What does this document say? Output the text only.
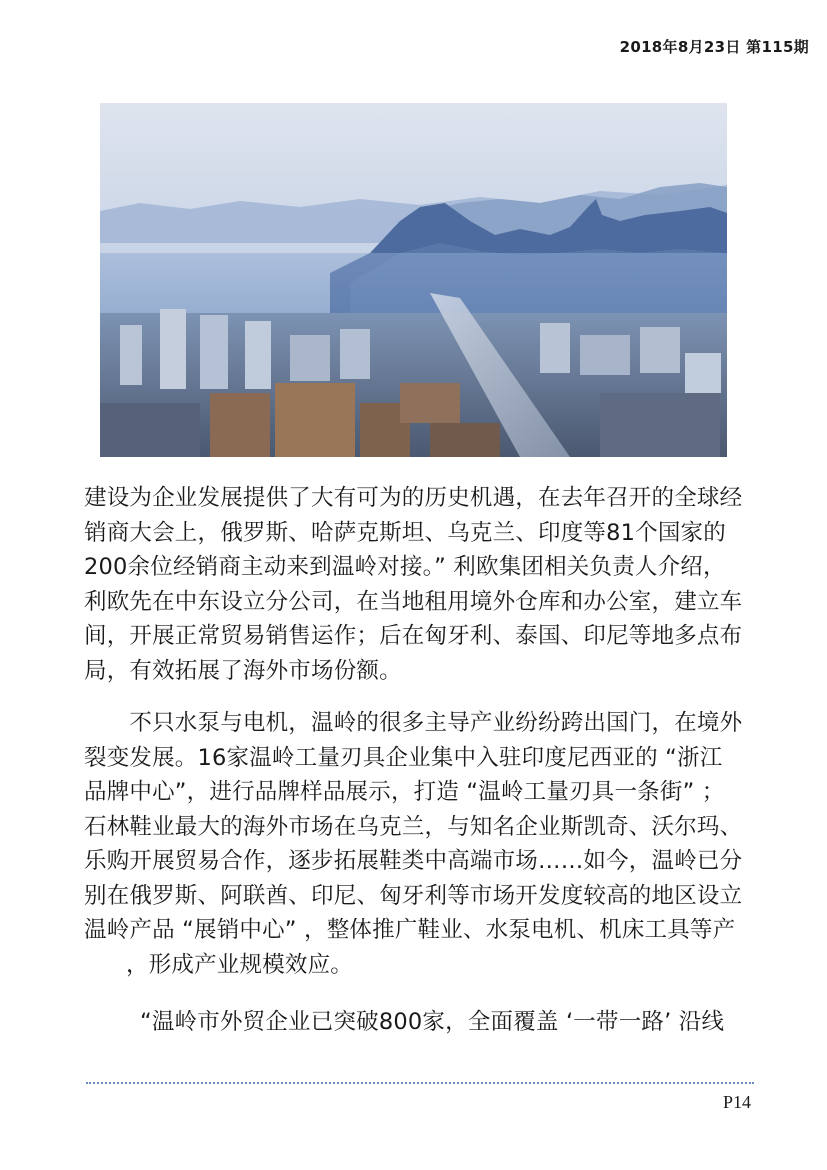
2018年8月23日 第115期
建设为企业发展提供了大有可为的历史机遇，在去年召开的全球经
销商大会上，俄罗斯、哈萨克斯坦、乌克兰、印度等81个国家的
200余位经销商主动来到温岭对接。” 利欧集团相关负责人介绍，
利欧先在中东设立分公司，在当地租用境外仓库和办公室，建立车
间，开展正常贸易销售运作；后在匈牙利、泰国、印尼等地多点布
局，有效拓展了海外市场份额。
　　不只水泵与电机，温岭的很多主导产业纷纷跨出国门，在境外
裂变发展。16家温岭工量刃具企业集中入驻印度尼西亚的 “浙江
品牌中心”，进行品牌样品展示，打造 “温岭工量刃具一条街” ；
石林鞋业最大的海外市场在乌克兰，与知名企业斯凯奇、沃尔玛、
乐购开展贸易合作，逐步拓展鞋类中高端市场……如今，温岭已分
别在俄罗斯、阿联酋、印尼、匈牙利等市场开发度较高的地区设立
温岭产品 “展销中心” ，整体推广鞋业、水泵电机、机床工具等产
，形成产业规模效应。
“温岭市外贸企业已突破800家，全面覆盖 ‘一带一路’ 沿线
P14
